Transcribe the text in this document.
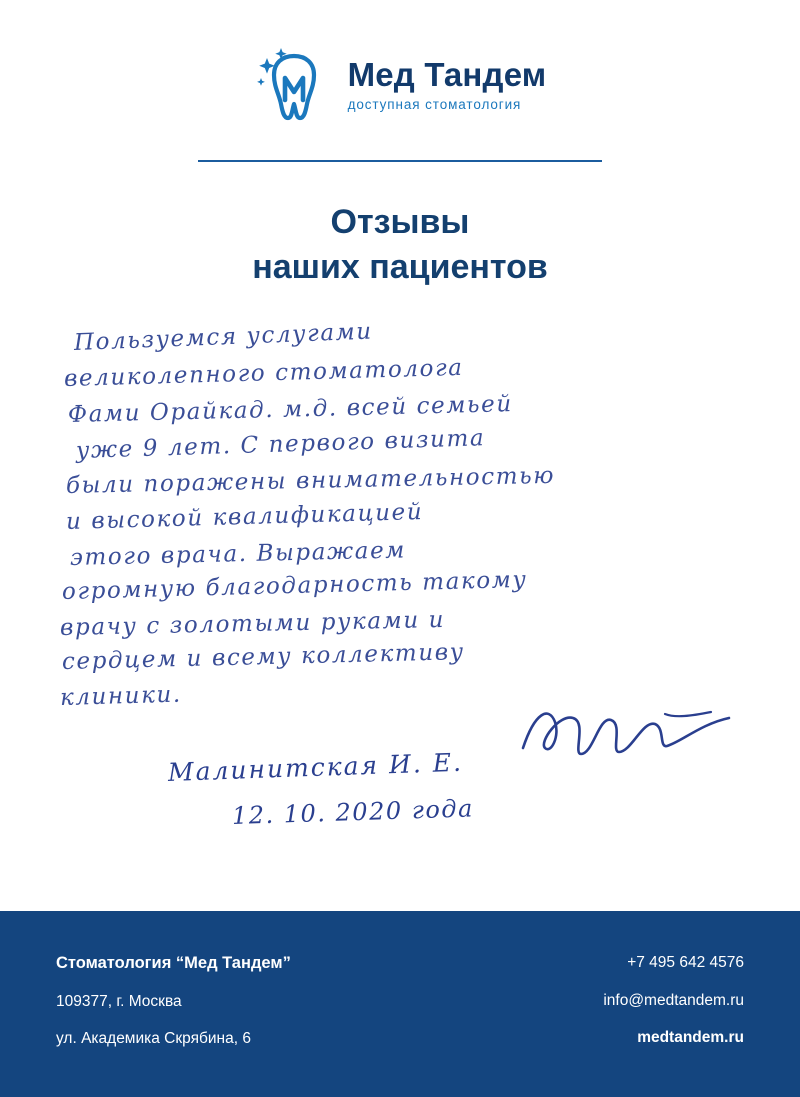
Мед Тандем
доступная стоматология
Отзывы
наших пациентов
Пользуемся услугами
великолепного стоматолога
Фами Орайкад. м.д. всей семьей
уже 9 лет. С первого визита
были поражены внимательностью
и высокой квалификацией
этого врача. Выражаем
огромную благодарность такому
врачу с золотыми руками и
сердцем и всему коллективу
клиники.
Малинитская И. Е.
12. 10. 2020 года
Стоматология “Мед Тандем”
109377, г. Москва
ул. Академика Скрябина, 6
+7 495 642 4576
info@medtandem.ru
medtandem.ru
